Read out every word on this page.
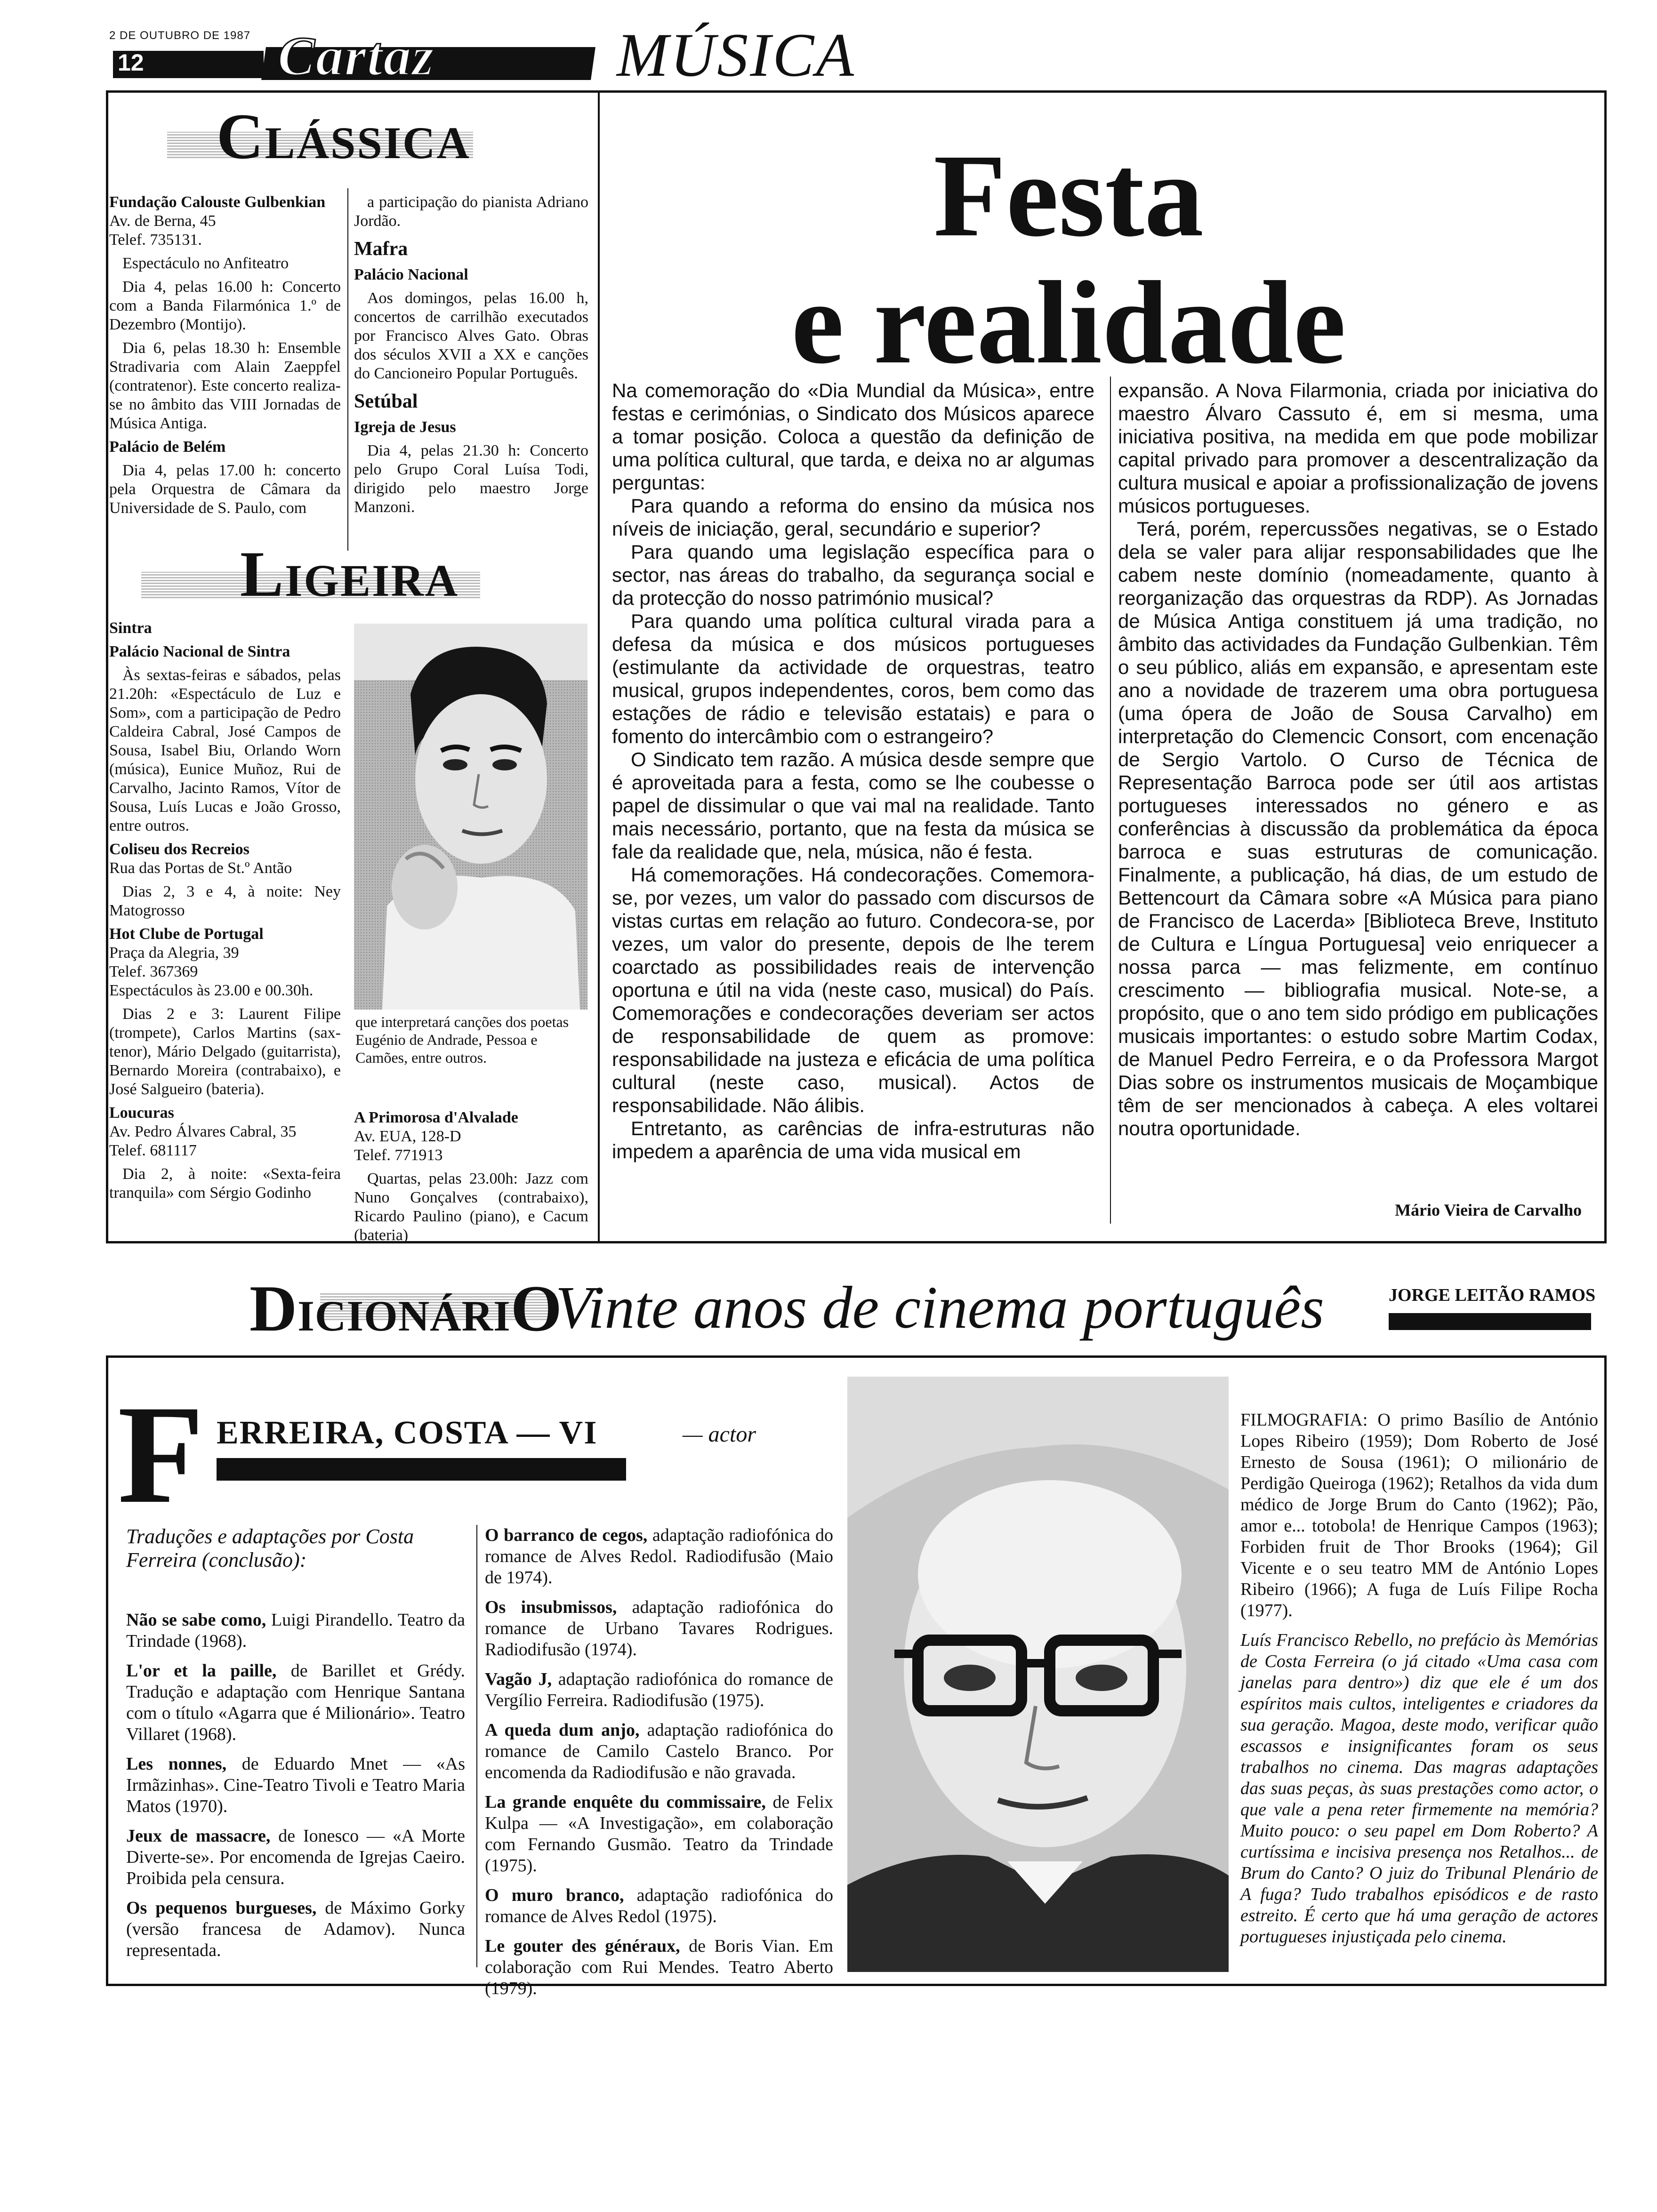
2 DE OUTUBRO DE 1987
12 Cartaz	MÚSICA
CLÁSSICA

Fundação Calouste Gulbenkian
Av. de Berna, 45
Telef. 735131.

Espectáculo no Anfiteatro

Dia 4, pelas 16.00 h: Concerto com a Banda Filarmónica 1.º de Dezembro (Montijo).

Dia 6, pelas 18.30 h: Ensemble Stradivaria com Alain Zaeppfel (contratenor). Este concerto realiza-se no âmbito das VIII Jornadas de Música Antiga.

Palácio de Belém

Dia 4, pelas 17.00 h: concerto pela Orquestra de Câmara da Universidade de S. Paulo, com

a participação do pianista Adriano Jordão.

Mafra

Palácio Nacional

Aos domingos, pelas 16.00 h, concertos de carrilhão executados por Francisco Alves Gato. Obras dos séculos XVII a XX e canções do Cancioneiro Popular Português.

Setúbal

Igreja de Jesus

Dia 4, pelas 21.30 h: Concerto pelo Grupo Coral Luísa Todi, dirigido pelo maestro Jorge Manzoni.

LIGEIRA

Sintra

Palácio Nacional de Sintra

Às sextas-feiras e sábados, pelas 21.20h: «Espectáculo de Luz e Som», com a participação de Pedro Caldeira Cabral, José Campos de Sousa, Isabel Biu, Orlando Worn (música), Eunice Muñoz, Rui de Carvalho, Jacinto Ramos, Vítor de Sousa, Luís Lucas e João Grosso, entre outros.

Coliseu dos Recreios
Rua das Portas de St.º Antão

Dias 2, 3 e 4, à noite: Ney Matogrosso

Hot Clube de Portugal
Praça da Alegria, 39
Telef. 367369
Espectáculos às 23.00 e 00.30h.

Dias 2 e 3: Laurent Filipe (trompete), Carlos Martins (sax-tenor), Mário Delgado (guitarrista), Bernardo Moreira (contrabaixo), e José Salgueiro (bateria).

Loucuras
Av. Pedro Álvares Cabral, 35
Telef. 681117

Dia 2, à noite: «Sexta-feira tranquila» com Sérgio Godinho

que interpretará canções dos poetas Eugénio de Andrade, Pessoa e Camões, entre outros.

A Primorosa d'Alvalade
Av. EUA, 128-D
Telef. 771913

Quartas, pelas 23.00h: Jazz com Nuno Gonçalves (contrabaixo), Ricardo Paulino (piano), e Cacum (bateria)

Festa
e realidade

Na comemoração do «Dia Mundial da Música», entre festas e cerimónias, o Sindicato dos Músicos aparece a tomar posição. Coloca a questão da definição de uma política cultural, que tarda, e deixa no ar algumas perguntas:

Para quando a reforma do ensino da música nos níveis de iniciação, geral, secundário e superior?

Para quando uma legislação específica para o sector, nas áreas do trabalho, da segurança social e da protecção do nosso património musical?

Para quando uma política cultural virada para a defesa da música e dos músicos portugueses (estimulante da actividade de orquestras, teatro musical, grupos independentes, coros, bem como das estações de rádio e televisão estatais) e para o fomento do intercâmbio com o estrangeiro?

O Sindicato tem razão. A música desde sempre que é aproveitada para a festa, como se lhe coubesse o papel de dissimular o que vai mal na realidade. Tanto mais necessário, portanto, que na festa da música se fale da realidade que, nela, música, não é festa.

Há comemorações. Há condecorações. Comemora-se, por vezes, um valor do passado com discursos de vistas curtas em relação ao futuro. Condecora-se, por vezes, um valor do presente, depois de lhe terem coarctado as possibilidades reais de intervenção oportuna e útil na vida (neste caso, musical) do País. Comemorações e condecorações deveriam ser actos de responsabilidade de quem as promove: responsabilidade na justeza e eficácia de uma política cultural (neste caso, musical). Actos de responsabilidade. Não álibis.

Entretanto, as carências de infra-estruturas não impedem a aparência de uma vida musical em

expansão. A Nova Filarmonia, criada por iniciativa do maestro Álvaro Cassuto é, em si mesma, uma iniciativa positiva, na medida em que pode mobilizar capital privado para promover a descentralização da cultura musical e apoiar a profissionalização de jovens músicos portugueses.

Terá, porém, repercussões negativas, se o Estado dela se valer para alijar responsabilidades que lhe cabem neste domínio (nomeadamente, quanto à reorganização das orquestras da RDP). As Jornadas de Música Antiga constituem já uma tradição, no âmbito das actividades da Fundação Gulbenkian. Têm o seu público, aliás em expansão, e apresentam este ano a novidade de trazerem uma obra portuguesa (uma ópera de João de Sousa Carvalho) em interpretação do Clemencic Consort, com encenação de Sergio Vartolo. O Curso de Técnica de Representação Barroca pode ser útil aos artistas portugueses interessados no género e as conferências à discussão da problemática da época barroca e suas estruturas de comunicação. Finalmente, a publicação, há dias, de um estudo de Bettencourt da Câmara sobre «A Música para piano de Francisco de Lacerda» [Biblioteca Breve, Instituto de Cultura e Língua Portuguesa] veio enriquecer a nossa parca — mas felizmente, em contínuo crescimento — bibliografia musical. Note-se, a propósito, que o ano tem sido pródigo em publicações musicais importantes: o estudo sobre Martim Codax, de Manuel Pedro Ferreira, e o da Professora Margot Dias sobre os instrumentos musicais de Moçambique têm de ser mencionados à cabeça. A eles voltarei noutra oportunidade.

Mário Vieira de Carvalho
DICIONÁRIO
Vinte anos de cinema português	JORGE LEITÃO RAMOS
F ERREIRA, COSTA — VI	— actor

Traduções e adaptações por Costa Ferreira (conclusão):

Não se sabe como, Luigi Pirandello. Teatro da Trindade (1968).

L'or et la paille, de Barillet et Grédy. Tradução e adaptação com Henrique Santana com o título «Agarra que é Milionário». Teatro Villaret (1968).

Les nonnes, de Eduardo Mnet — «As Irmãzinhas». Cine-Teatro Tivoli e Teatro Maria Matos (1970).

Jeux de massacre, de Ionesco — «A Morte Diverte-se». Por encomenda de Igrejas Caeiro. Proibida pela censura.

Os pequenos burgueses, de Máximo Gorky (versão francesa de Adamov). Nunca representada.

O barranco de cegos, adaptação radiofónica do romance de Alves Redol. Radiodifusão (Maio de 1974).

Os insubmissos, adaptação radiofónica do romance de Urbano Tavares Rodrigues. Radiodifusão (1974).

Vagão J, adaptação radiofónica do romance de Vergílio Ferreira. Radiodifusão (1975).

A queda dum anjo, adaptação radiofónica do romance de Camilo Castelo Branco. Por encomenda da Radiodifusão e não gravada.

La grande enquête du commissaire, de Felix Kulpa — «A Investigação», em colaboração com Fernando Gusmão. Teatro da Trindade (1975).

O muro branco, adaptação radiofónica do romance de Alves Redol (1975).

Le gouter des généraux, de Boris Vian. Em colaboração com Rui Mendes. Teatro Aberto (1979).

FILMOGRAFIA: O primo Basílio de António Lopes Ribeiro (1959); Dom Roberto de José Ernesto de Sousa (1961); O milionário de Perdigão Queiroga (1962); Retalhos da vida dum médico de Jorge Brum do Canto (1962); Pão, amor e... totobola! de Henrique Campos (1963); Forbiden fruit de Thor Brooks (1964); Gil Vicente e o seu teatro MM de António Lopes Ribeiro (1966); A fuga de Luís Filipe Rocha (1977).

Luís Francisco Rebello, no prefácio às Memórias de Costa Ferreira (o já citado «Uma casa com janelas para dentro») diz que ele é um dos espíritos mais cultos, inteligentes e criadores da sua geração. Magoa, deste modo, verificar quão escassos e insignificantes foram os seus trabalhos no cinema. Das magras adaptações das suas peças, às suas prestações como actor, o que vale a pena reter firmemente na memória? Muito pouco: o seu papel em Dom Roberto? A curtíssima e incisiva presença nos Retalhos... de Brum do Canto? O juiz do Tribunal Plenário de A fuga? Tudo trabalhos episódicos e de rasto estreito. É certo que há uma geração de actores portugueses injustiçada pelo cinema.
